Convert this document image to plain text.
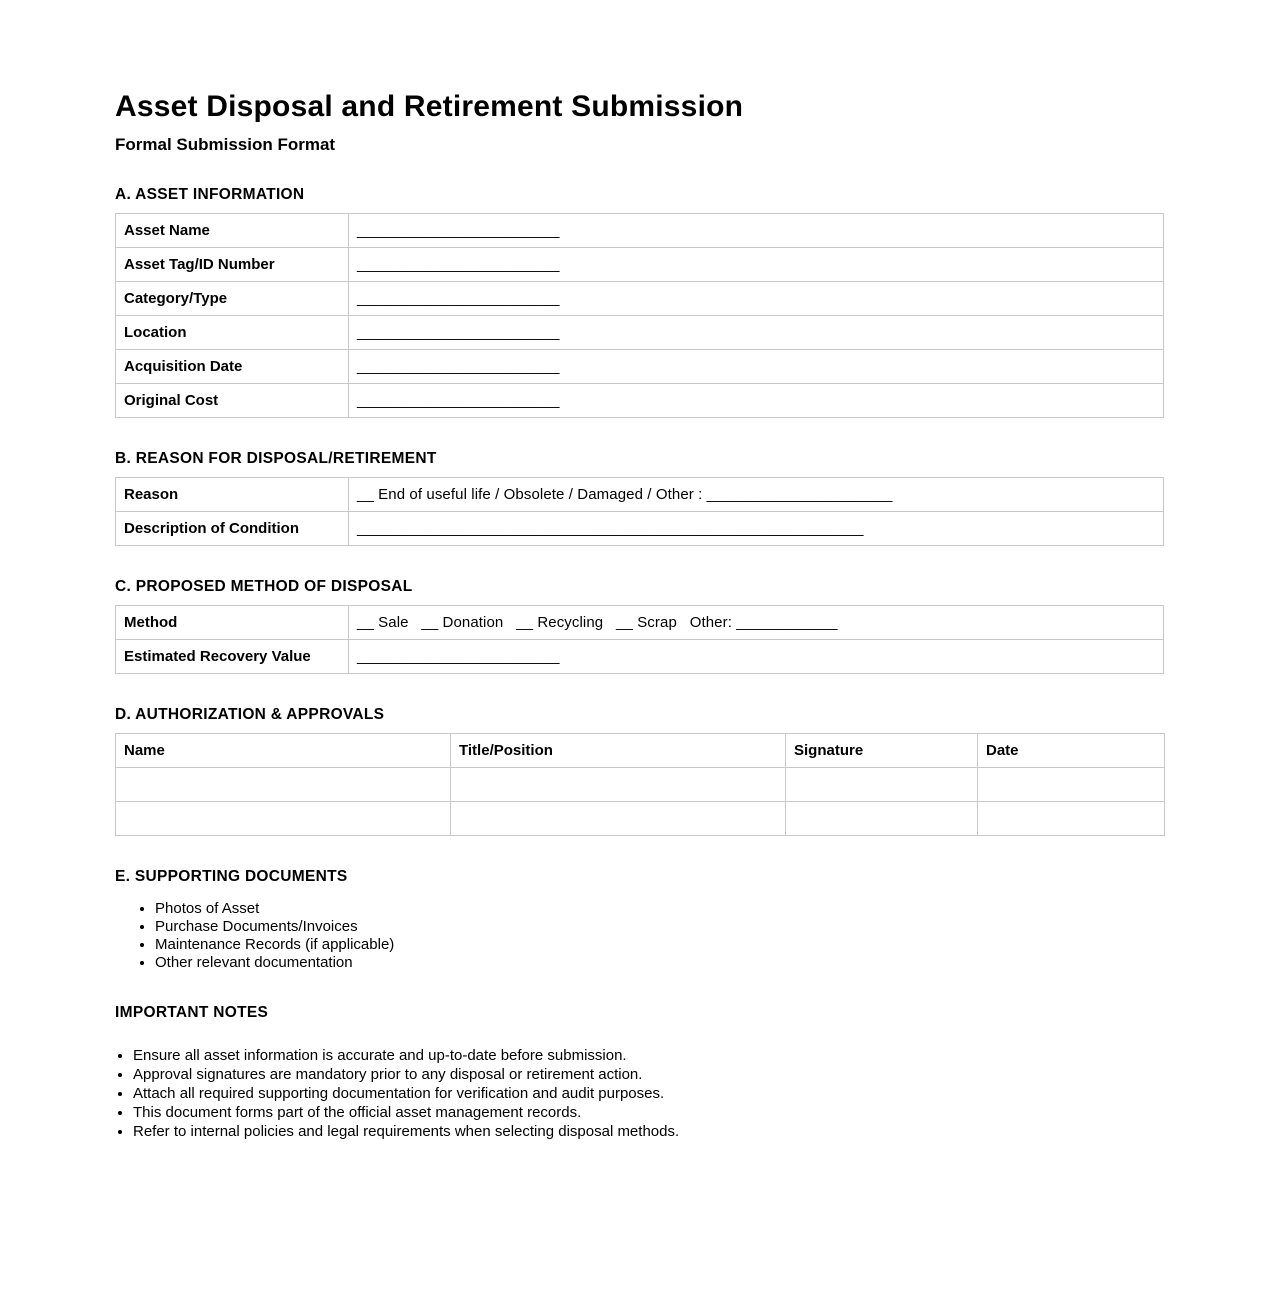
Asset Disposal and Retirement Submission

Formal Submission Format

A. ASSET INFORMATION
Asset Name	________________________
Asset Tag/ID Number	________________________
Category/Type	________________________
Location	________________________
Acquisition Date	________________________
Original Cost	________________________
B. REASON FOR DISPOSAL/RETIREMENT
Reason	__ End of useful life / Obsolete / Damaged / Other : ______________________
Description of Condition	____________________________________________________________
C. PROPOSED METHOD OF DISPOSAL
Method	__ Sale   __ Donation   __ Recycling   __ Scrap   Other: ____________
Estimated Recovery Value	________________________
D. AUTHORIZATION & APPROVALS
Name	Title/Position	Signature	Date

E. SUPPORTING DOCUMENTS
• Photos of Asset
• Purchase Documents/Invoices
• Maintenance Records (if applicable)
• Other relevant documentation
IMPORTANT NOTES
• Ensure all asset information is accurate and up-to-date before submission.
• Approval signatures are mandatory prior to any disposal or retirement action.
• Attach all required supporting documentation for verification and audit purposes.
• This document forms part of the official asset management records.
• Refer to internal policies and legal requirements when selecting disposal methods.
